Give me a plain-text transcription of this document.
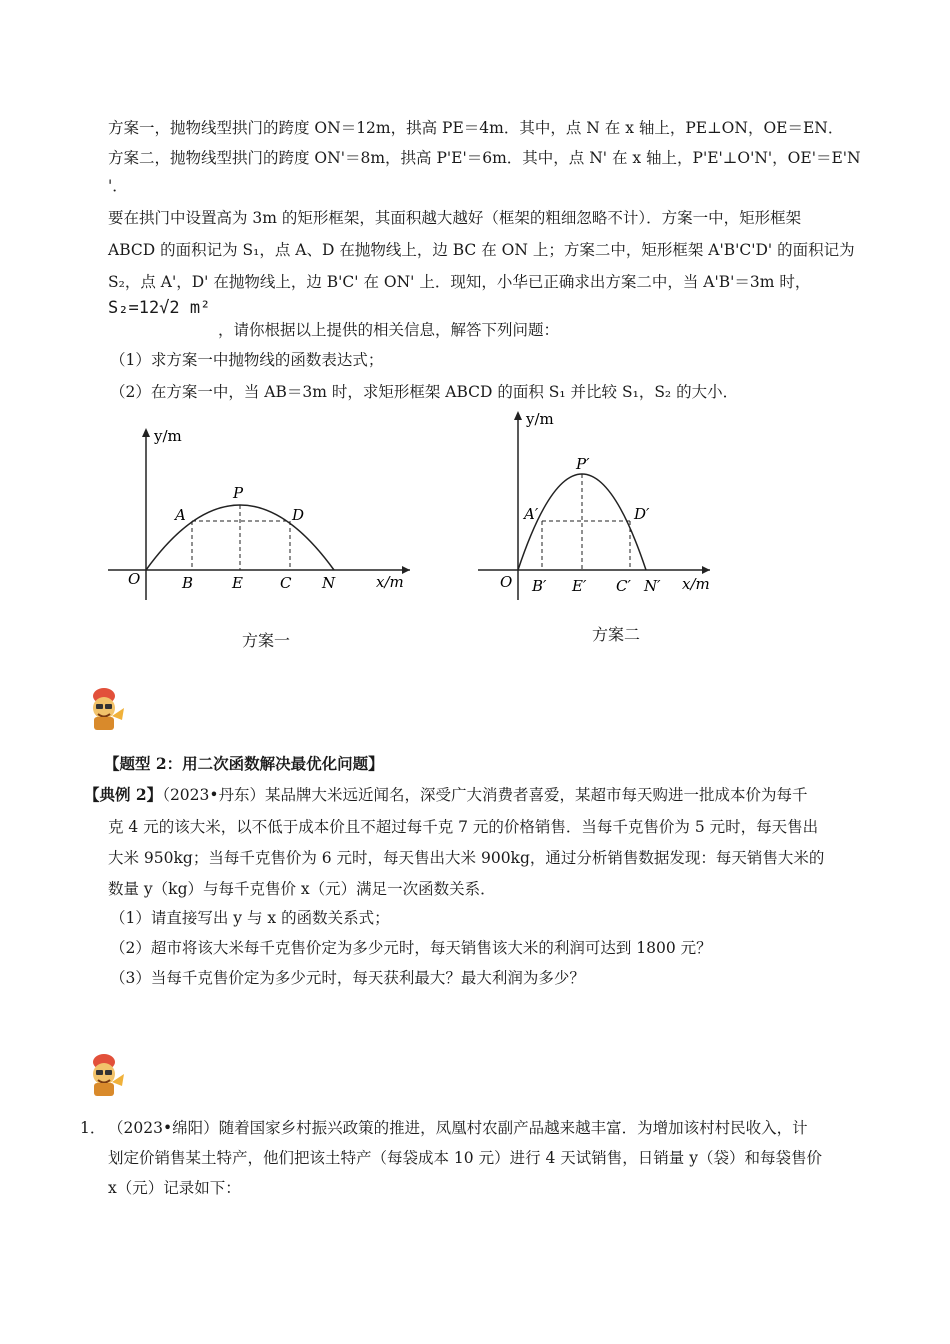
方案一，抛物线型拱门的跨度 ON＝12m，拱高 PE＝4m．其中，点 N 在 x 轴上，PE⊥ON，OE＝EN．
方案二，抛物线型拱门的跨度 ON'＝8m，拱高 P'E'＝6m．其中，点 N' 在 x 轴上，P'E'⊥O'N'，OE'＝E'N
'．
要在拱门中设置高为 3m 的矩形框架，其面积越大越好（框架的粗细忽略不计）．方案一中，矩形框架
ABCD 的面积记为 S₁，点 A、D 在抛物线上，边 BC 在 ON 上；方案二中，矩形框架 A'B'C'D' 的面积记为
S₂，点 A'，D' 在抛物线上，边 B'C' 在 ON' 上．现知，小华已正确求出方案二中，当 A'B'＝3m 时，
S₂=12√2 m²
，请你根据以上提供的相关信息，解答下列问题：
（1）求方案一中抛物线的函数表达式；
（2）在方案一中，当 AB＝3m 时，求矩形框架 ABCD 的面积 S₁ 并比较 S₁，S₂ 的大小．
y/m
x/m
O
P
A	D
B	E C N
方案一
y/m
x/m
O
P′
A′	D′
B′ E′ C′ N′
方案二
【题型 2：用二次函数解决最优化问题】
【典例 2】（2023•丹东）某品牌大米远近闻名，深受广大消费者喜爱，某超市每天购进一批成本价为每千
克 4 元的该大米，以不低于成本价且不超过每千克 7 元的价格销售．当每千克售价为 5 元时，每天售出
大米 950kg；当每千克售价为 6 元时，每天售出大米 900kg，通过分析销售数据发现：每天销售大米的
数量 y（kg）与每千克售价 x（元）满足一次函数关系．
（1）请直接写出 y 与 x 的函数关系式；
（2）超市将该大米每千克售价定为多少元时，每天销售该大米的利润可达到 1800 元？
（3）当每千克售价定为多少元时，每天获利最大？最大利润为多少？
1． （2023•绵阳）随着国家乡村振兴政策的推进，凤凰村农副产品越来越丰富．为增加该村村民收入，计
划定价销售某土特产，他们把该土特产（每袋成本 10 元）进行 4 天试销售，日销量 y（袋）和每袋售价
x（元）记录如下：
